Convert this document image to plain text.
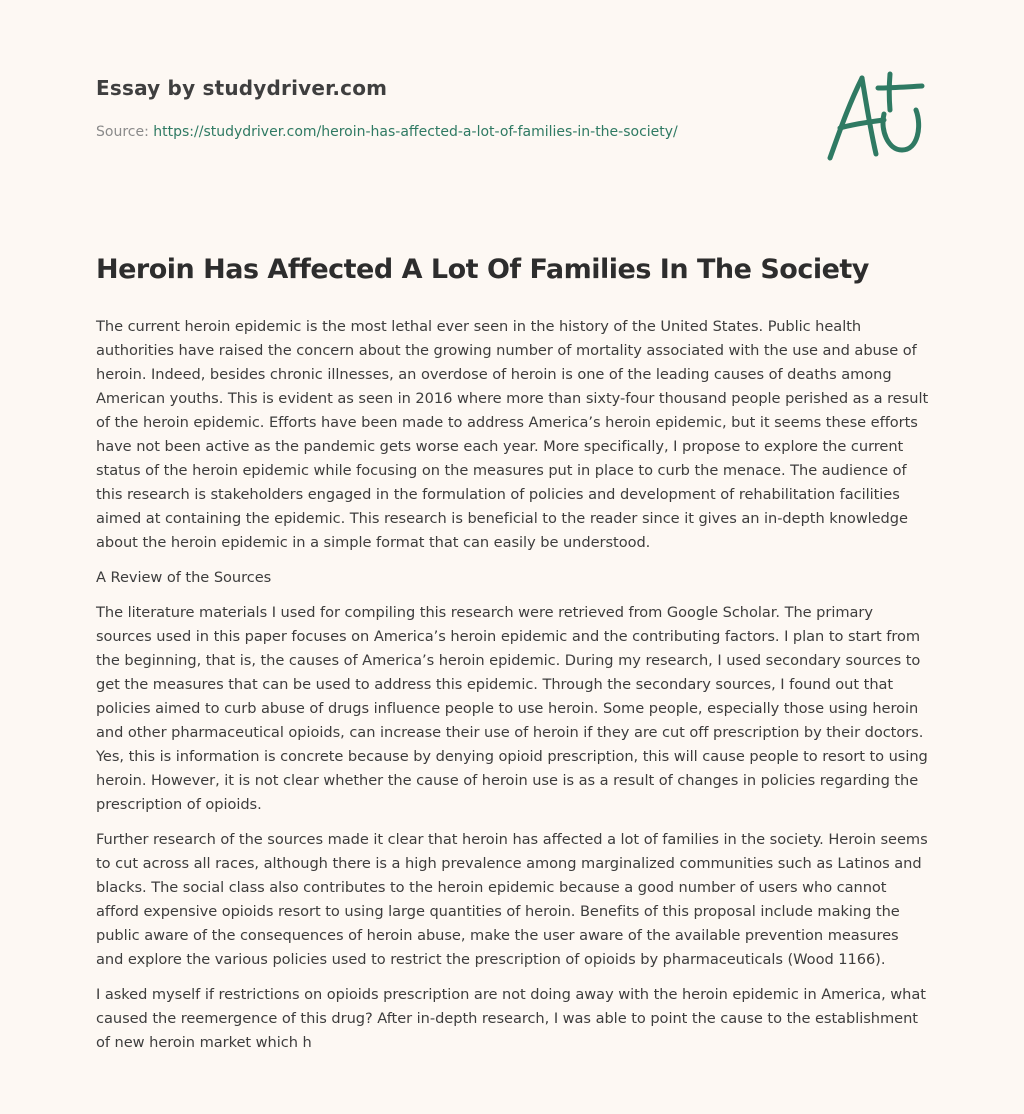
Essay by studydriver.com
Source: https://studydriver.com/heroin-has-affected-a-lot-of-families-in-the-society/
Heroin Has Affected A Lot Of Families In The Society

The current heroin epidemic is the most lethal ever seen in the history of the United States. Public health authorities have raised the concern about the growing number of mortality associated with the use and abuse of heroin. Indeed, besides chronic illnesses, an overdose of heroin is one of the leading causes of deaths among American youths. This is evident as seen in 2016 where more than sixty-four thousand people perished as a result of the heroin epidemic. Efforts have been made to address America’s heroin epidemic, but it seems these efforts have not been active as the pandemic gets worse each year. More specifically, I propose to explore the current status of the heroin epidemic while focusing on the measures put in place to curb the menace. The audience of this research is stakeholders engaged in the formulation of policies and development of rehabilitation facilities aimed at containing the epidemic. This research is beneficial to the reader since it gives an in-depth knowledge about the heroin epidemic in a simple format that can easily be understood.

A Review of the Sources

The literature materials I used for compiling this research were retrieved from Google Scholar. The primary sources used in this paper focuses on America’s heroin epidemic and the contributing factors. I plan to start from the beginning, that is, the causes of America’s heroin epidemic. During my research, I used secondary sources to get the measures that can be used to address this epidemic. Through the secondary sources, I found out that policies aimed to curb abuse of drugs influence people to use heroin. Some people, especially those using heroin and other pharmaceutical opioids, can increase their use of heroin if they are cut off prescription by their doctors. Yes, this is information is concrete because by denying opioid prescription, this will cause people to resort to using heroin. However, it is not clear whether the cause of heroin use is as a result of changes in policies regarding the prescription of opioids.

Further research of the sources made it clear that heroin has affected a lot of families in the society. Heroin seems to cut across all races, although there is a high prevalence among marginalized communities such as Latinos and blacks. The social class also contributes to the heroin epidemic because a good number of users who cannot afford expensive opioids resort to using large quantities of heroin. Benefits of this proposal include making the public aware of the consequences of heroin abuse, make the user aware of the available prevention measures and explore the various policies used to restrict the prescription of opioids by pharmaceuticals (Wood 1166).

I asked myself if restrictions on opioids prescription are not doing away with the heroin epidemic in America, what caused the reemergence of this drug? After in-depth research, I was able to point the cause to the establishment of new heroin market which h
